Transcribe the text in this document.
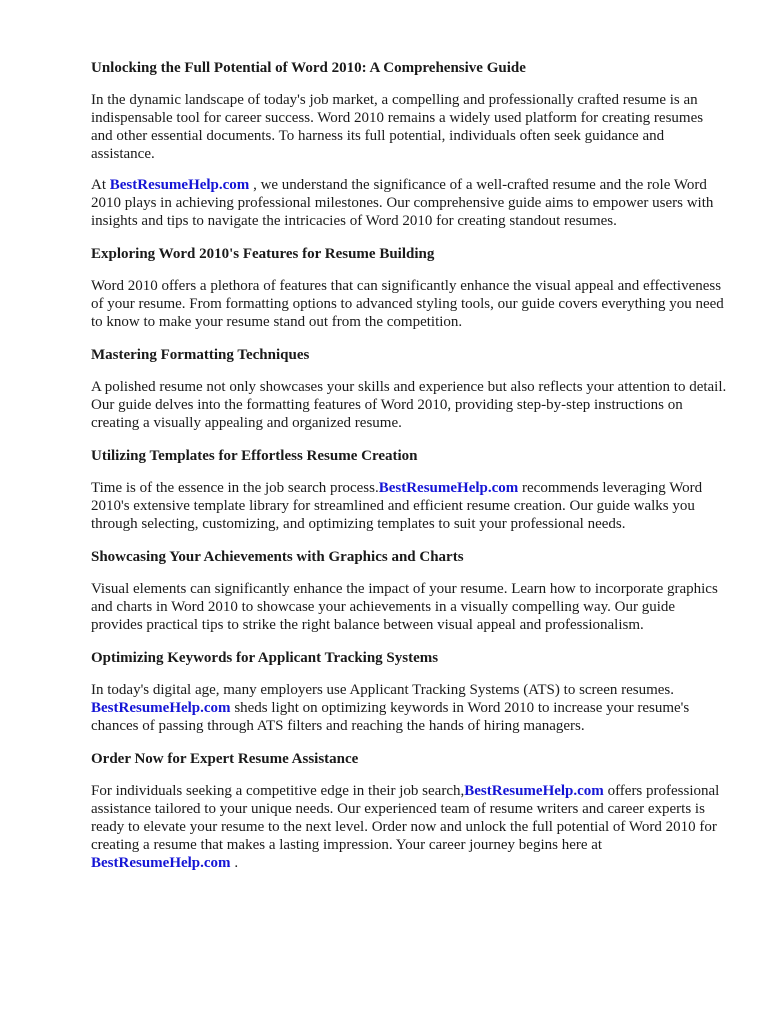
Unlocking the Full Potential of Word 2010: A Comprehensive Guide

In the dynamic landscape of today's job market, a compelling and professionally crafted resume is an indispensable tool for career success. Word 2010 remains a widely used platform for creating resumes and other essential documents. To harness its full potential, individuals often seek guidance and assistance.

At BestResumeHelp.com , we understand the significance of a well-crafted resume and the role Word 2010 plays in achieving professional milestones. Our comprehensive guide aims to empower users with insights and tips to navigate the intricacies of Word 2010 for creating standout resumes.

Exploring Word 2010's Features for Resume Building

Word 2010 offers a plethora of features that can significantly enhance the visual appeal and effectiveness of your resume. From formatting options to advanced styling tools, our guide covers everything you need to know to make your resume stand out from the competition.

Mastering Formatting Techniques

A polished resume not only showcases your skills and experience but also reflects your attention to detail. Our guide delves into the formatting features of Word 2010, providing step-by-step instructions on creating a visually appealing and organized resume.

Utilizing Templates for Effortless Resume Creation

Time is of the essence in the job search process.BestResumeHelp.com recommends leveraging Word 2010's extensive template library for streamlined and efficient resume creation. Our guide walks you through selecting, customizing, and optimizing templates to suit your professional needs.

Showcasing Your Achievements with Graphics and Charts

Visual elements can significantly enhance the impact of your resume. Learn how to incorporate graphics and charts in Word 2010 to showcase your achievements in a visually compelling way. Our guide provides practical tips to strike the right balance between visual appeal and professionalism.

Optimizing Keywords for Applicant Tracking Systems

In today's digital age, many employers use Applicant Tracking Systems (ATS) to screen resumes. BestResumeHelp.com sheds light on optimizing keywords in Word 2010 to increase your resume's chances of passing through ATS filters and reaching the hands of hiring managers.

Order Now for Expert Resume Assistance

For individuals seeking a competitive edge in their job search,BestResumeHelp.com offers professional assistance tailored to your unique needs. Our experienced team of resume writers and career experts is ready to elevate your resume to the next level. Order now and unlock the full potential of Word 2010 for creating a resume that makes a lasting impression. Your career journey begins here at BestResumeHelp.com .
